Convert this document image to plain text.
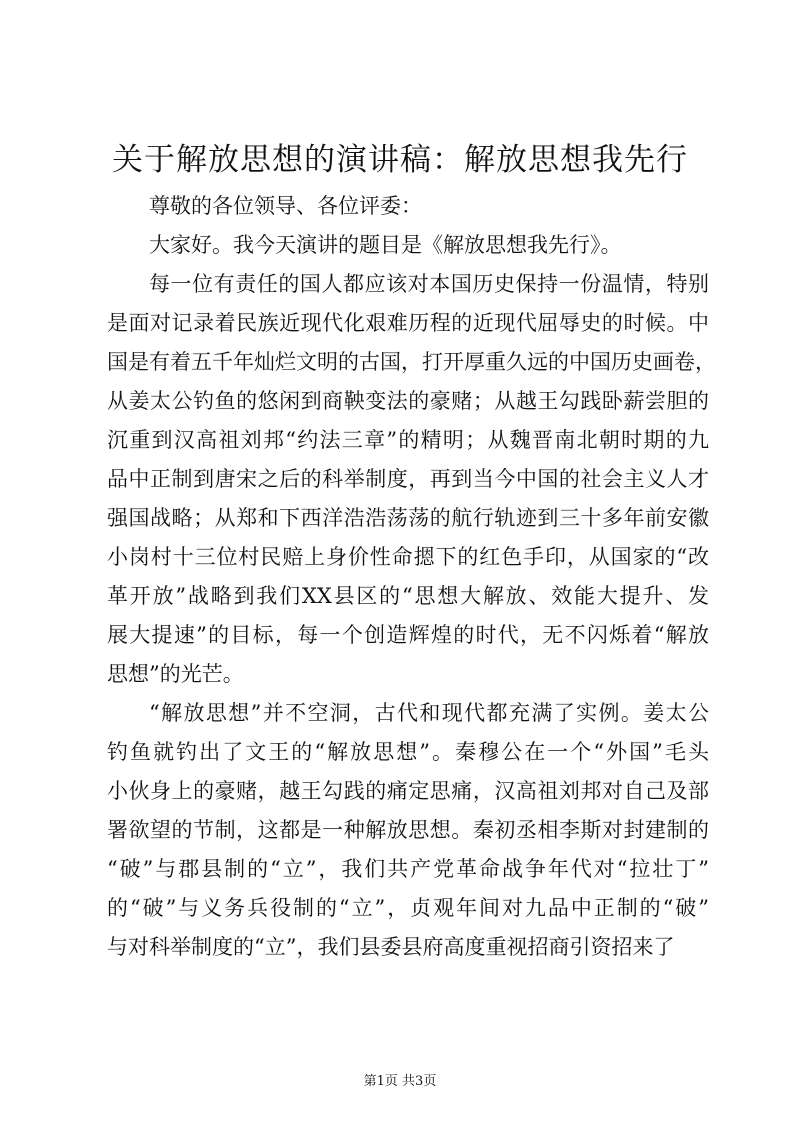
关于解放思想的演讲稿：解放思想我先行
尊敬的各位领导、各位评委：
大家好。我今天演讲的题目是《解放思想我先行》。
每一位有责任的国人都应该对本国历史保持一份温情，特别
是面对记录着民族近现代化艰难历程的近现代屈辱史的时候。中
国是有着五千年灿烂文明的古国，打开厚重久远的中国历史画卷，
从姜太公钓鱼的悠闲到商鞅变法的豪赌；从越王勾践卧薪尝胆的
沉重到汉高祖刘邦“约法三章”的精明；从魏晋南北朝时期的九
品中正制到唐宋之后的科举制度，再到当今中国的社会主义人才
强国战略；从郑和下西洋浩浩荡荡的航行轨迹到三十多年前安徽
小岗村十三位村民赔上身价性命摁下的红色手印，从国家的“改
革开放”战略到我们XX县区的“思想大解放、效能大提升、发
展大提速”的目标，每一个创造辉煌的时代，无不闪烁着“解放
思想”的光芒。
“解放思想”并不空洞，古代和现代都充满了实例。姜太公
钓鱼就钓出了文王的“解放思想”。秦穆公在一个“外国”毛头
小伙身上的豪赌，越王勾践的痛定思痛，汉高祖刘邦对自己及部
署欲望的节制，这都是一种解放思想。秦初丞相李斯对封建制的
“破”与郡县制的“立”，我们共产党革命战争年代对“拉壮丁”
的“破”与义务兵役制的“立”，贞观年间对九品中正制的“破”
与对科举制度的“立”，我们县委县府高度重视招商引资招来了
第1页 共3页
